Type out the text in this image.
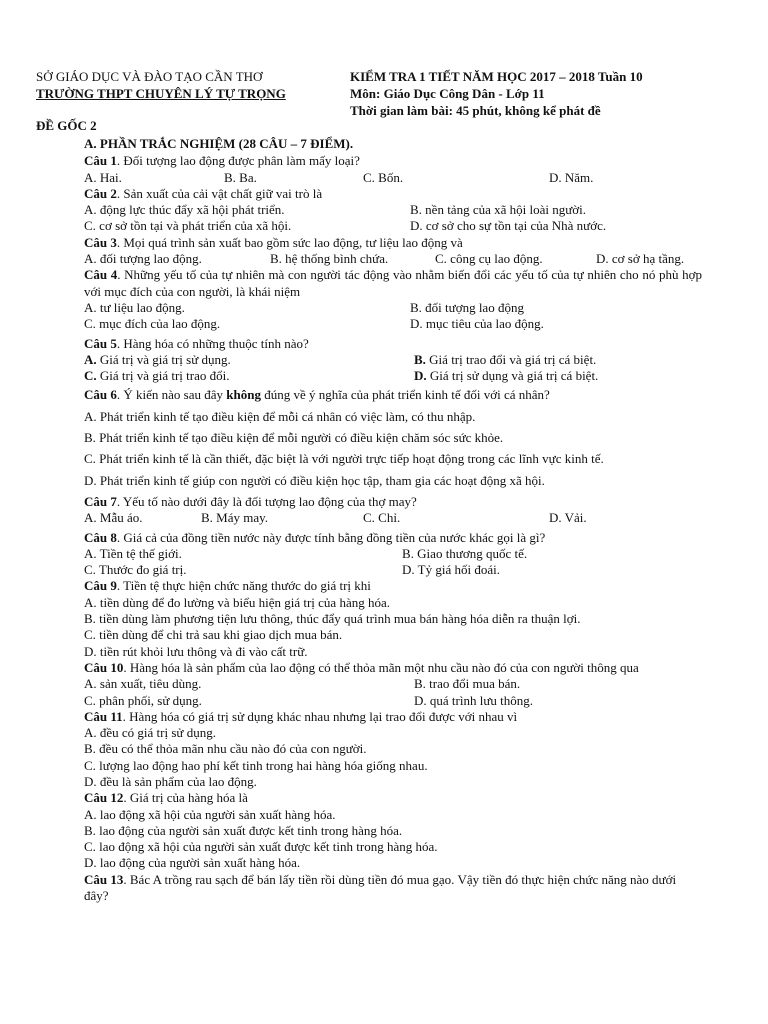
SỞ GIÁO DỤC VÀ ĐÀO TẠO CẦN THƠ
TRƯỜNG THPT CHUYÊN LÝ TỰ TRỌNG
KIỂM TRA 1 TIẾT NĂM HỌC 2017 – 2018 Tuần 10
Môn: Giáo Dục Công Dân - Lớp 11
Thời gian làm bài: 45 phút, không kể phát đề
ĐỀ GỐC 2
A. PHẦN TRẮC NGHIỆM (28 CÂU – 7 ĐIỂM).
Câu 1. Đối tượng lao động được phân làm mấy loại?
A. Hai.	B. Ba.	C. Bốn.	D. Năm.
Câu 2. Sản xuất của cải vật chất giữ vai trò là
A. động lực thúc đẩy xã hội phát triển.	B. nền tảng của xã hội loài người.
C. cơ sở tồn tại và phát triển của xã hội.	D. cơ sở cho sự tồn tại của Nhà nước.
Câu 3. Mọi quá trình sản xuất bao gồm sức lao động, tư liệu lao động và
A. đối tượng lao động.	B. hệ thống bình chứa.	C. công cụ lao động.	D. cơ sở hạ tầng.
Câu 4. Những yếu tố của tự nhiên mà con người tác động vào nhằm biến đổi các yếu tố của tự nhiên cho nó phù hợp với mục đích của con người, là khái niệm
A. tư liệu lao động.	B. đối tượng lao động
C. mục đích của lao động.	D. mục tiêu của lao động.
Câu 5. Hàng hóa có những thuộc tính nào?
A. Giá trị và giá trị sử dụng.	B. Giá trị trao đổi và giá trị cá biệt.
C. Giá trị và giá trị trao đổi.	D. Giá trị sử dụng và giá trị cá biệt.
Câu 6. Ý kiến nào sau đây không đúng về ý nghĩa của phát triển kinh tế đối với cá nhân?
A. Phát triển kinh tế tạo điều kiện để mỗi cá nhân có việc làm, có thu nhập.
B. Phát triển kinh tế tạo điều kiện để mỗi người có điều kiện chăm sóc sức khỏe.
C. Phát triển kinh tế là cần thiết, đặc biệt là với người trực tiếp hoạt động trong các lĩnh vực kinh tế.
D. Phát triển kinh tế giúp con người có điều kiện học tập, tham gia các hoạt động xã hội.
Câu 7. Yếu tố nào dưới đây là đối tượng lao động của thợ may?
A. Mẫu áo.	B. Máy may.	C. Chỉ.	D. Vải.
Câu 8. Giá cả của đồng tiền nước này được tính bằng đồng tiền của nước khác gọi là gì?
A. Tiền tệ thế giới.	B. Giao thương quốc tế.
C. Thước đo giá trị.	D. Tỷ giá hối đoái.
Câu 9. Tiền tệ thực hiện chức năng thước do giá trị khi
A. tiền dùng để đo lường và biểu hiện giá trị của hàng hóa.
B. tiền dùng làm phương tiện lưu thông, thúc đẩy quá trình mua bán hàng hóa diễn ra thuận lợi.
C. tiền dùng để chi trả sau khi giao dịch mua bán.
D. tiền rút khỏi lưu thông và đi vào cất trữ.
Câu 10. Hàng hóa là sản phẩm của lao động có thể thỏa mãn một nhu cầu nào đó của con người thông qua
A. sản xuất, tiêu dùng.	B. trao đổi mua bán.
C. phân phối, sử dụng.	D. quá trình lưu thông.
Câu 11. Hàng hóa có giá trị sử dụng khác nhau nhưng lại trao đổi được với nhau vì
A. đều có giá trị sử dụng.
B. đều có thể thỏa mãn nhu cầu nào đó của con người.
C. lượng lao động hao phí kết tinh trong hai hàng hóa giống nhau.
D. đều là sản phẩm của lao động.
Câu 12. Giá trị của hàng hóa là
A. lao động xã hội của người sản xuất hàng hóa.
B. lao động của người sản xuất được kết tinh trong hàng hóa.
C. lao động xã hội của người sản xuất được kết tinh trong hàng hóa.
D. lao động của người sản xuất hàng hóa.
Câu 13. Bác A trồng rau sạch để bán lấy tiền rồi dùng tiền đó mua gạo. Vậy tiền đó thực hiện chức năng nào dưới đây?
